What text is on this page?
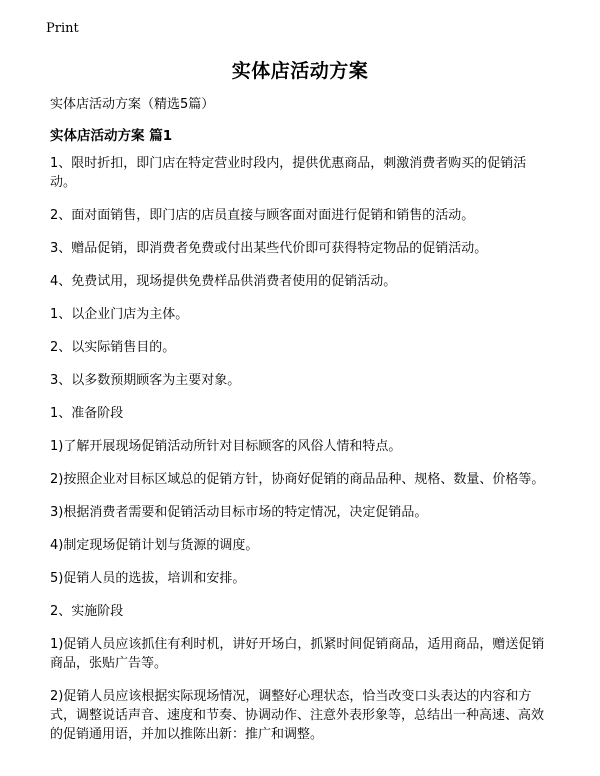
Print
实体店活动方案
实体店活动方案（精选5篇）
实体店活动方案 篇1

1、限时折扣，即门店在特定营业时段内，提供优惠商品，刺激消费者购买的促销活动。

2、面对面销售，即门店的店员直接与顾客面对面进行促销和销售的活动。

3、赠品促销，即消费者免费或付出某些代价即可获得特定物品的促销活动。

4、免费试用，现场提供免费样品供消费者使用的促销活动。

1、以企业门店为主体。

2、以实际销售目的。

3、以多数预期顾客为主要对象。

1、准备阶段

1)了解开展现场促销活动所针对目标顾客的风俗人情和特点。

2)按照企业对目标区域总的促销方针，协商好促销的商品品种、规格、数量、价格等。

3)根据消费者需要和促销活动目标市场的特定情况，决定促销品。

4)制定现场促销计划与货源的调度。

5)促销人员的选拔，培训和安排。

2、实施阶段

1)促销人员应该抓住有利时机，讲好开场白，抓紧时间促销商品，适用商品，赠送促销商品，张贴广告等。

2)促销人员应该根据实际现场情况，调整好心理状态，恰当改变口头表达的内容和方式，调整说话声音、速度和节奏、协调动作、注意外表形象等，总结出一种高速、高效的促销通用语，并加以推陈出新：推广和调整。
